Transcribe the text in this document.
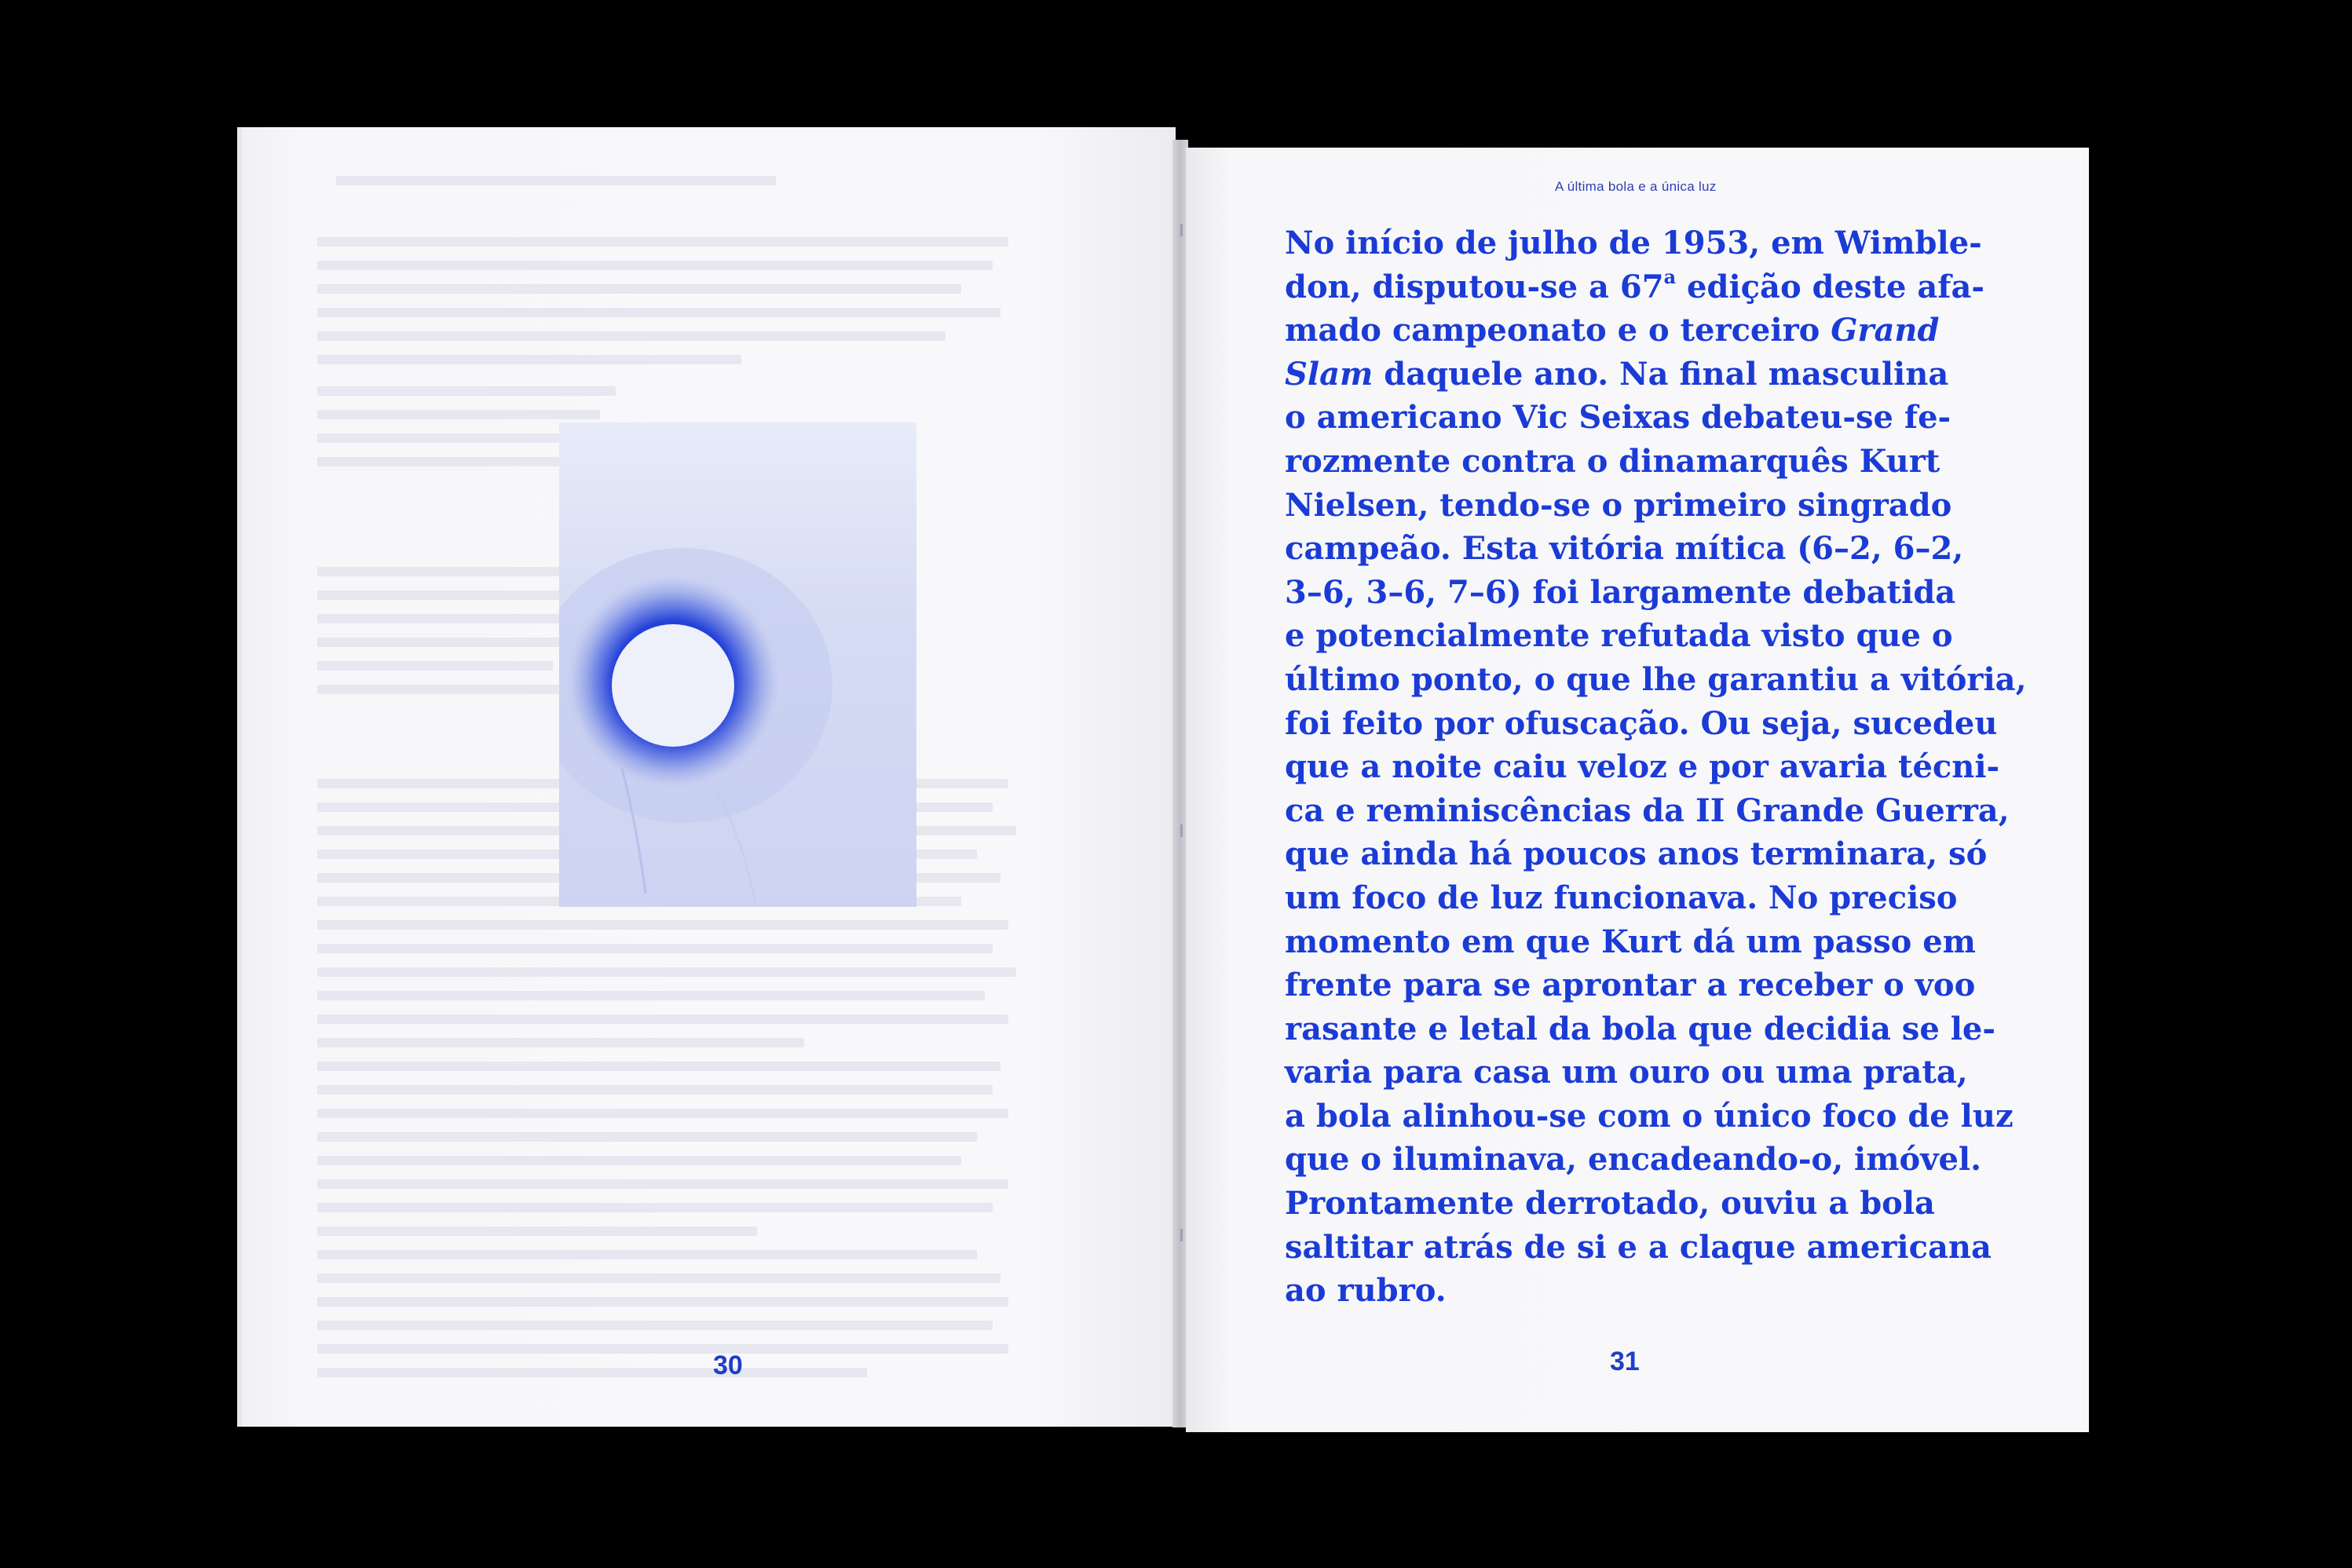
30
A última bola e a única luz
No início de julho de 1953, em Wimble-
don, disputou-se a 67$^a$ edição deste afa-
mado campeonato e o terceiro Grand
Slam daquele ano. Na final masculina
o americano Vic Seixas debateu-se fe-
rozmente contra o dinamarquês Kurt
Nielsen, tendo-se o primeiro singrado
campeão. Esta vitória mítica (6–2, 6–2,
3–6, 3–6, 7–6) foi largamente debatida
e potencialmente refutada visto que o
último ponto, o que lhe garantiu a vitória,
foi feito por ofuscação. Ou seja, sucedeu
que a noite caiu veloz e por avaria técni-
ca e reminiscências da II Grande Guerra,
que ainda há poucos anos terminara, só
um foco de luz funcionava. No preciso
momento em que Kurt dá um passo em
frente para se aprontar a receber o voo
rasante e letal da bola que decidia se le-
varia para casa um ouro ou uma prata,
a bola alinhou-se com o único foco de luz
que o iluminava, encadeando-o, imóvel.
Prontamente derrotado, ouviu a bola
saltitar atrás de si e a claque americana
ao rubro.
31
